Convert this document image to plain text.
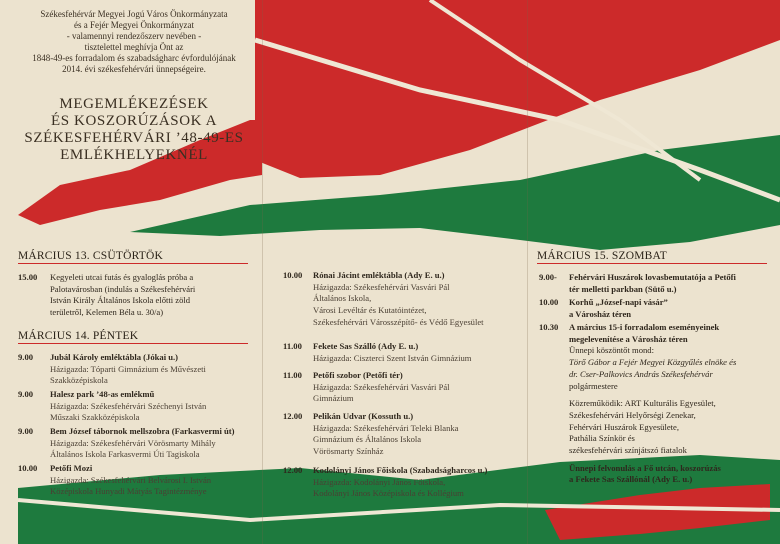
Székesfehérvár Megyei Jogú Város Önkormányzata
és a Fejér Megyei Önkormányzat
- valamennyi rendezőszerv nevében -
tisztelettel meghívja Önt az
1848-49-es forradalom és szabadságharc évfordulójának
2014. évi székesfehérvári ünnepségeire.
MEGEMLÉKEZÉSEK
ÉS KOSZORÚZÁSOK A
SZÉKESFEHÉRVÁRI ’48-49-ES
EMLÉKHELYEKNÉL
MÁRCIUS 13. CSÜTÖRTÖK
MÁRCIUS 14. PÉNTEK
MÁRCIUS 15. SZOMBAT
15.00 Kegyeleti utcai futás és gyaloglás próba a
Palotavárosban (indulás a Székesfehérvári
István Király Általános Iskola előtti zöld
területről, Kelemen Béla u. 30/a)
9.00 Jubál Károly emléktábla (Jókai u.)
Házigazda: Tóparti Gimnázium és Művészeti
Szakközépiskola
9.00 Halesz park ’48-as emlékmű
Házigazda: Székesfehérvári Széchenyi István
Műszaki Szakközépiskola
9.00 Bem József tábornok mellszobra (Farkasvermi út)
Házigazda: Székesfehérvári Vörösmarty Mihály
Általános Iskola Farkasvermi Úti Tagiskola
10.00 Petőfi Mozi
Házigazda: Székesfehérvári Belvárosi I. István
Középiskola Hunyadi Mátyás Tagintézménye
10.00 Rónai Jácint emléktábla (Ady E. u.)
Házigazda: Székesfehérvári Vasvári Pál
Általános Iskola,
Városi Levéltár és Kutatóintézet,
Székesfehérvári Városszépítő- és Védő Egyesület
11.00 Fekete Sas Szálló (Ady E. u.)
Házigazda: Ciszterci Szent István Gimnázium
11.00 Petőfi szobor (Petőfi tér)
Házigazda: Székesfehérvári Vasvári Pál
Gimnázium
12.00 Pelikán Udvar (Kossuth u.)
Házigazda: Székesfehérvári Teleki Blanka
Gimnázium és Általános Iskola
Vörösmarty Színház
12.00 Kodolányi János Főiskola (Szabadságharcos u.)
Házigazda: Kodolányi János Főiskola,
Kodolányi János Középiskola és Kollégium
9.00- Fehérvári Huszárok lovasbemutatója a Petőfi
tér melletti parkban (Sütő u.)
10.00 Korhű „József-napi vásár”
a Városház téren
10.30 A március 15-i forradalom eseményeinek
megelevenítése a Városház téren
Ünnepi köszöntőt mond:
Törő Gábor a Fejér Megyei Közgyűlés elnöke és
dr. Cser-Palkovics András Székesfehérvár
polgármestere
Közreműködik: ART Kulturális Egyesület,
Székesfehérvári Helyőrségi Zenekar,
Fehérvári Huszárok Egyesülete,
Pathália Színkör és
székesfehérvári színjátszó fiatalok
Ünnepi felvonulás a Fő utcán, koszorúzás
a Fekete Sas Szállónál (Ady E. u.)
